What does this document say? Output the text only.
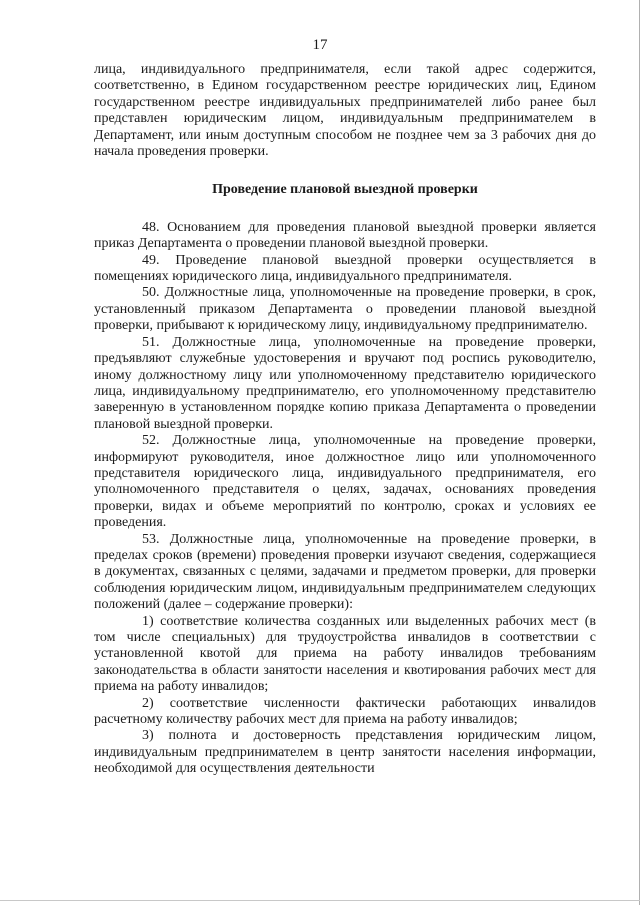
17

лица, индивидуального предпринимателя, если такой адрес содержится, соответственно, в Едином государственном реестре юридических лиц, Едином государственном реестре индивидуальных предпринимателей либо ранее был представлен юридическим лицом, индивидуальным предпринимателем в Департамент, или иным доступным способом не позднее чем за 3 рабочих дня до начала проведения проверки.

Проведение плановой выездной проверки

48. Основанием для проведения плановой выездной проверки является приказ Департамента о проведении плановой выездной проверки.

49. Проведение плановой выездной проверки осуществляется в помещениях юридического лица, индивидуального предпринимателя.

50. Должностные лица, уполномоченные на проведение проверки, в срок, установленный приказом Департамента о проведении плановой выездной проверки, прибывают к юридическому лицу, индивидуальному предпринимателю.

51. Должностные лица, уполномоченные на проведение проверки, предъявляют служебные удостоверения и вручают под роспись руководителю, иному должностному лицу или уполномоченному представителю юридического лица, индивидуальному предпринимателю, его уполномоченному представителю заверенную в установленном порядке копию приказа Департамента о проведении плановой выездной проверки.

52. Должностные лица, уполномоченные на проведение проверки, информируют руководителя, иное должностное лицо или уполномоченного представителя юридического лица, индивидуального предпринимателя, его уполномоченного представителя о целях, задачах, основаниях проведения проверки, видах и объеме мероприятий по контролю, сроках и условиях ее проведения.

53. Должностные лица, уполномоченные на проведение проверки, в пределах сроков (времени) проведения проверки изучают сведения, содержащиеся в документах, связанных с целями, задачами и предметом проверки, для проверки соблюдения юридическим лицом, индивидуальным предпринимателем следующих положений (далее – содержание проверки):

1) соответствие количества созданных или выделенных рабочих мест (в том числе специальных) для трудоустройства инвалидов в соответствии с установленной квотой для приема на работу инвалидов требованиям законодательства в области занятости населения и квотирования рабочих мест для приема на работу инвалидов;

2) соответствие численности фактически работающих инвалидов расчетному количеству рабочих мест для приема на работу инвалидов;

3) полнота и достоверность представления юридическим лицом, индивидуальным предпринимателем в центр занятости населения информации, необходимой для осуществления деятельности
